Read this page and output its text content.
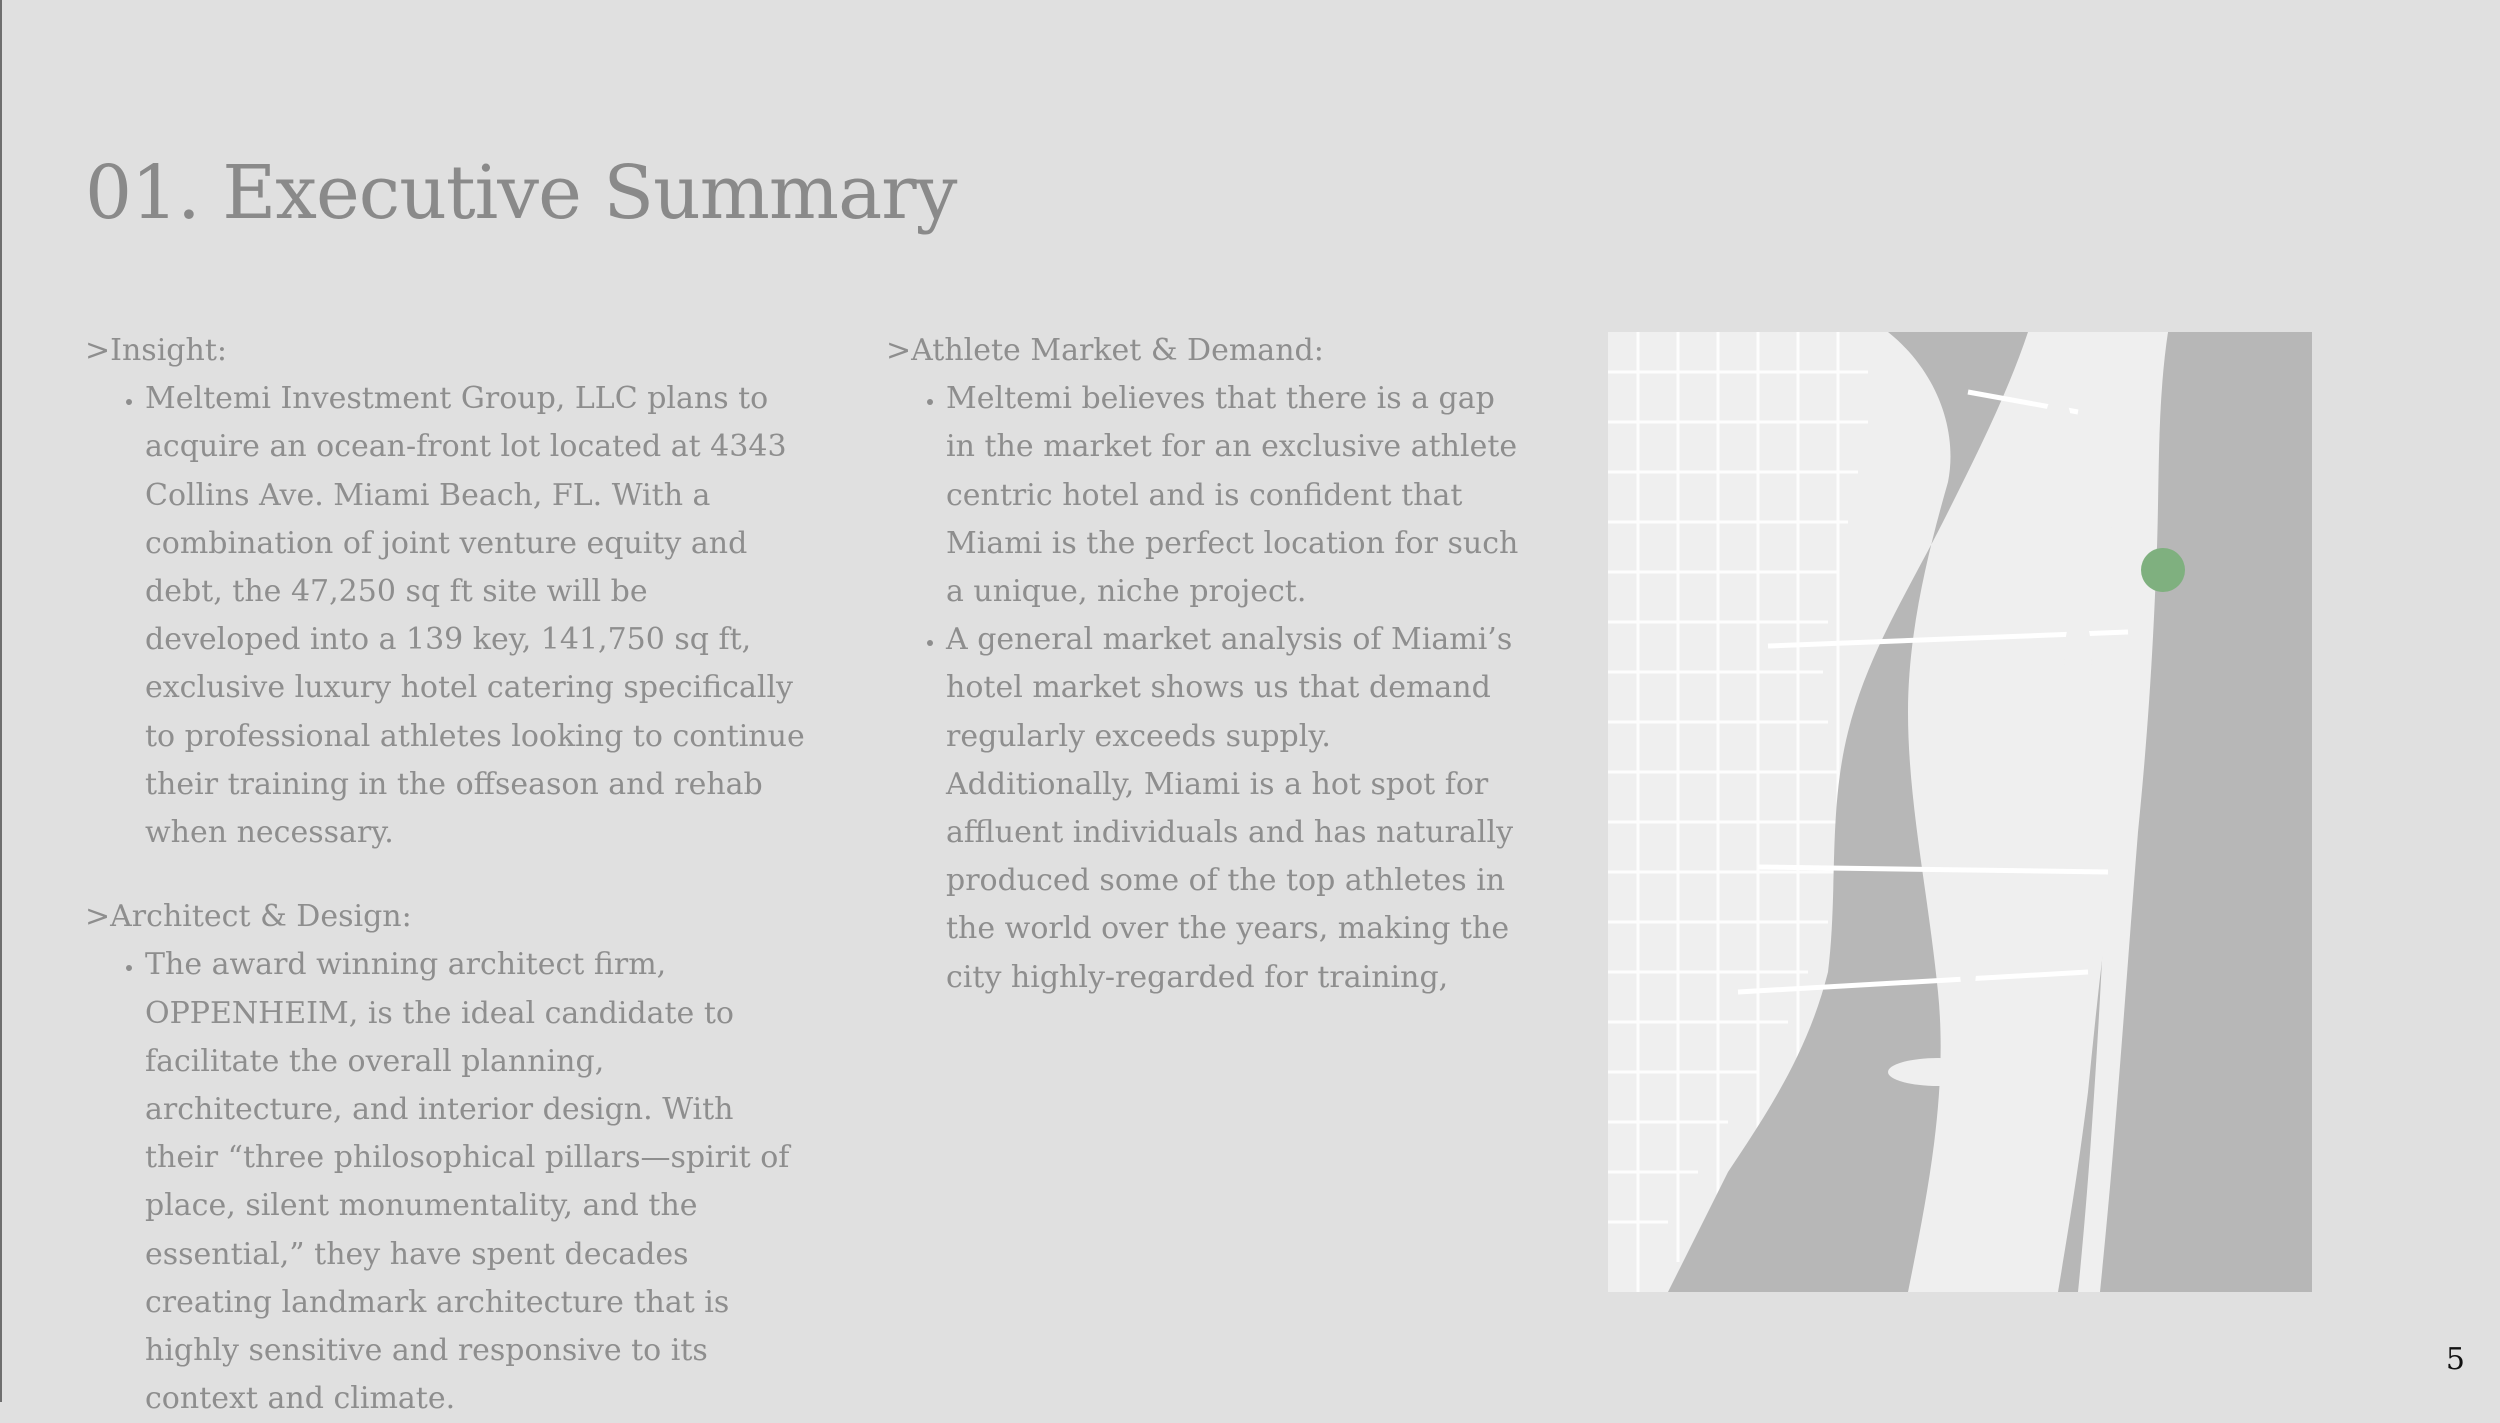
01. Executive Summary

>Insight:

• Meltemi Investment Group, LLC plans to acquire an ocean-front lot located at 4343 Collins Ave. Miami Beach, FL. With a combination of joint venture equity and debt, the 47,250 sq ft site will be developed into a 139 key, 141,750 sq ft, exclusive luxury hotel catering specifically to professional athletes looking to continue their training in the offseason and rehab when necessary.

>Architect & Design:

• The award winning architect firm, OPPENHEIM, is the ideal candidate to facilitate the overall planning, architecture, and interior design. With their “three philosophical pillars—spirit of place, silent monumentality, and the essential,” they have spent decades creating landmark architecture that is highly sensitive and responsive to its context and climate.

>Athlete Market & Demand:

• Meltemi believes that there is a gap in the market for an exclusive athlete centric hotel and is confident that Miami is the perfect location for such a unique, niche project.
• A general market analysis of Miami’s hotel market shows us that demand regularly exceeds supply. Additionally, Miami is a hot spot for affluent individuals and has naturally produced some of the top athletes in the world over the years, making the city highly-regarded for training,
5
